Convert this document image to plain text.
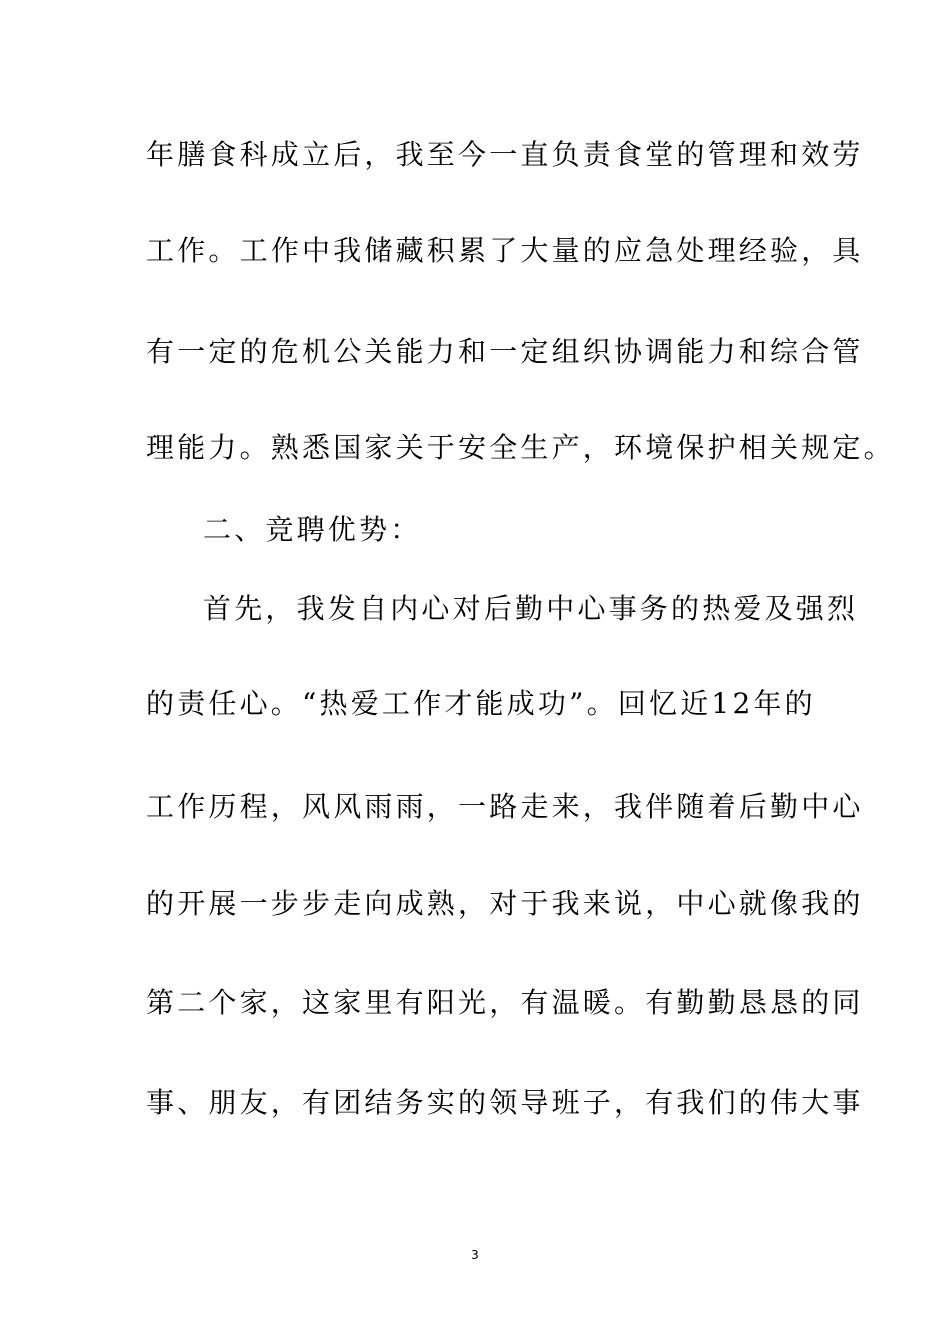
年膳食科成立后，我至今一直负责食堂的管理和效劳
工作。工作中我储藏积累了大量的应急处理经验，具
有一定的危机公关能力和一定组织协调能力和综合管
理能力。熟悉国家关于安全生产，环境保护相关规定。
二、竞聘优势：
首先，我发自内心对后勤中心事务的热爱及强烈
的责任心。“热爱工作才能成功”。回忆近12年的
工作历程，风风雨雨，一路走来，我伴随着后勤中心
的开展一步步走向成熟，对于我来说，中心就像我的
第二个家，这家里有阳光，有温暖。有勤勤恳恳的同
事、朋友，有团结务实的领导班子，有我们的伟大事
3
